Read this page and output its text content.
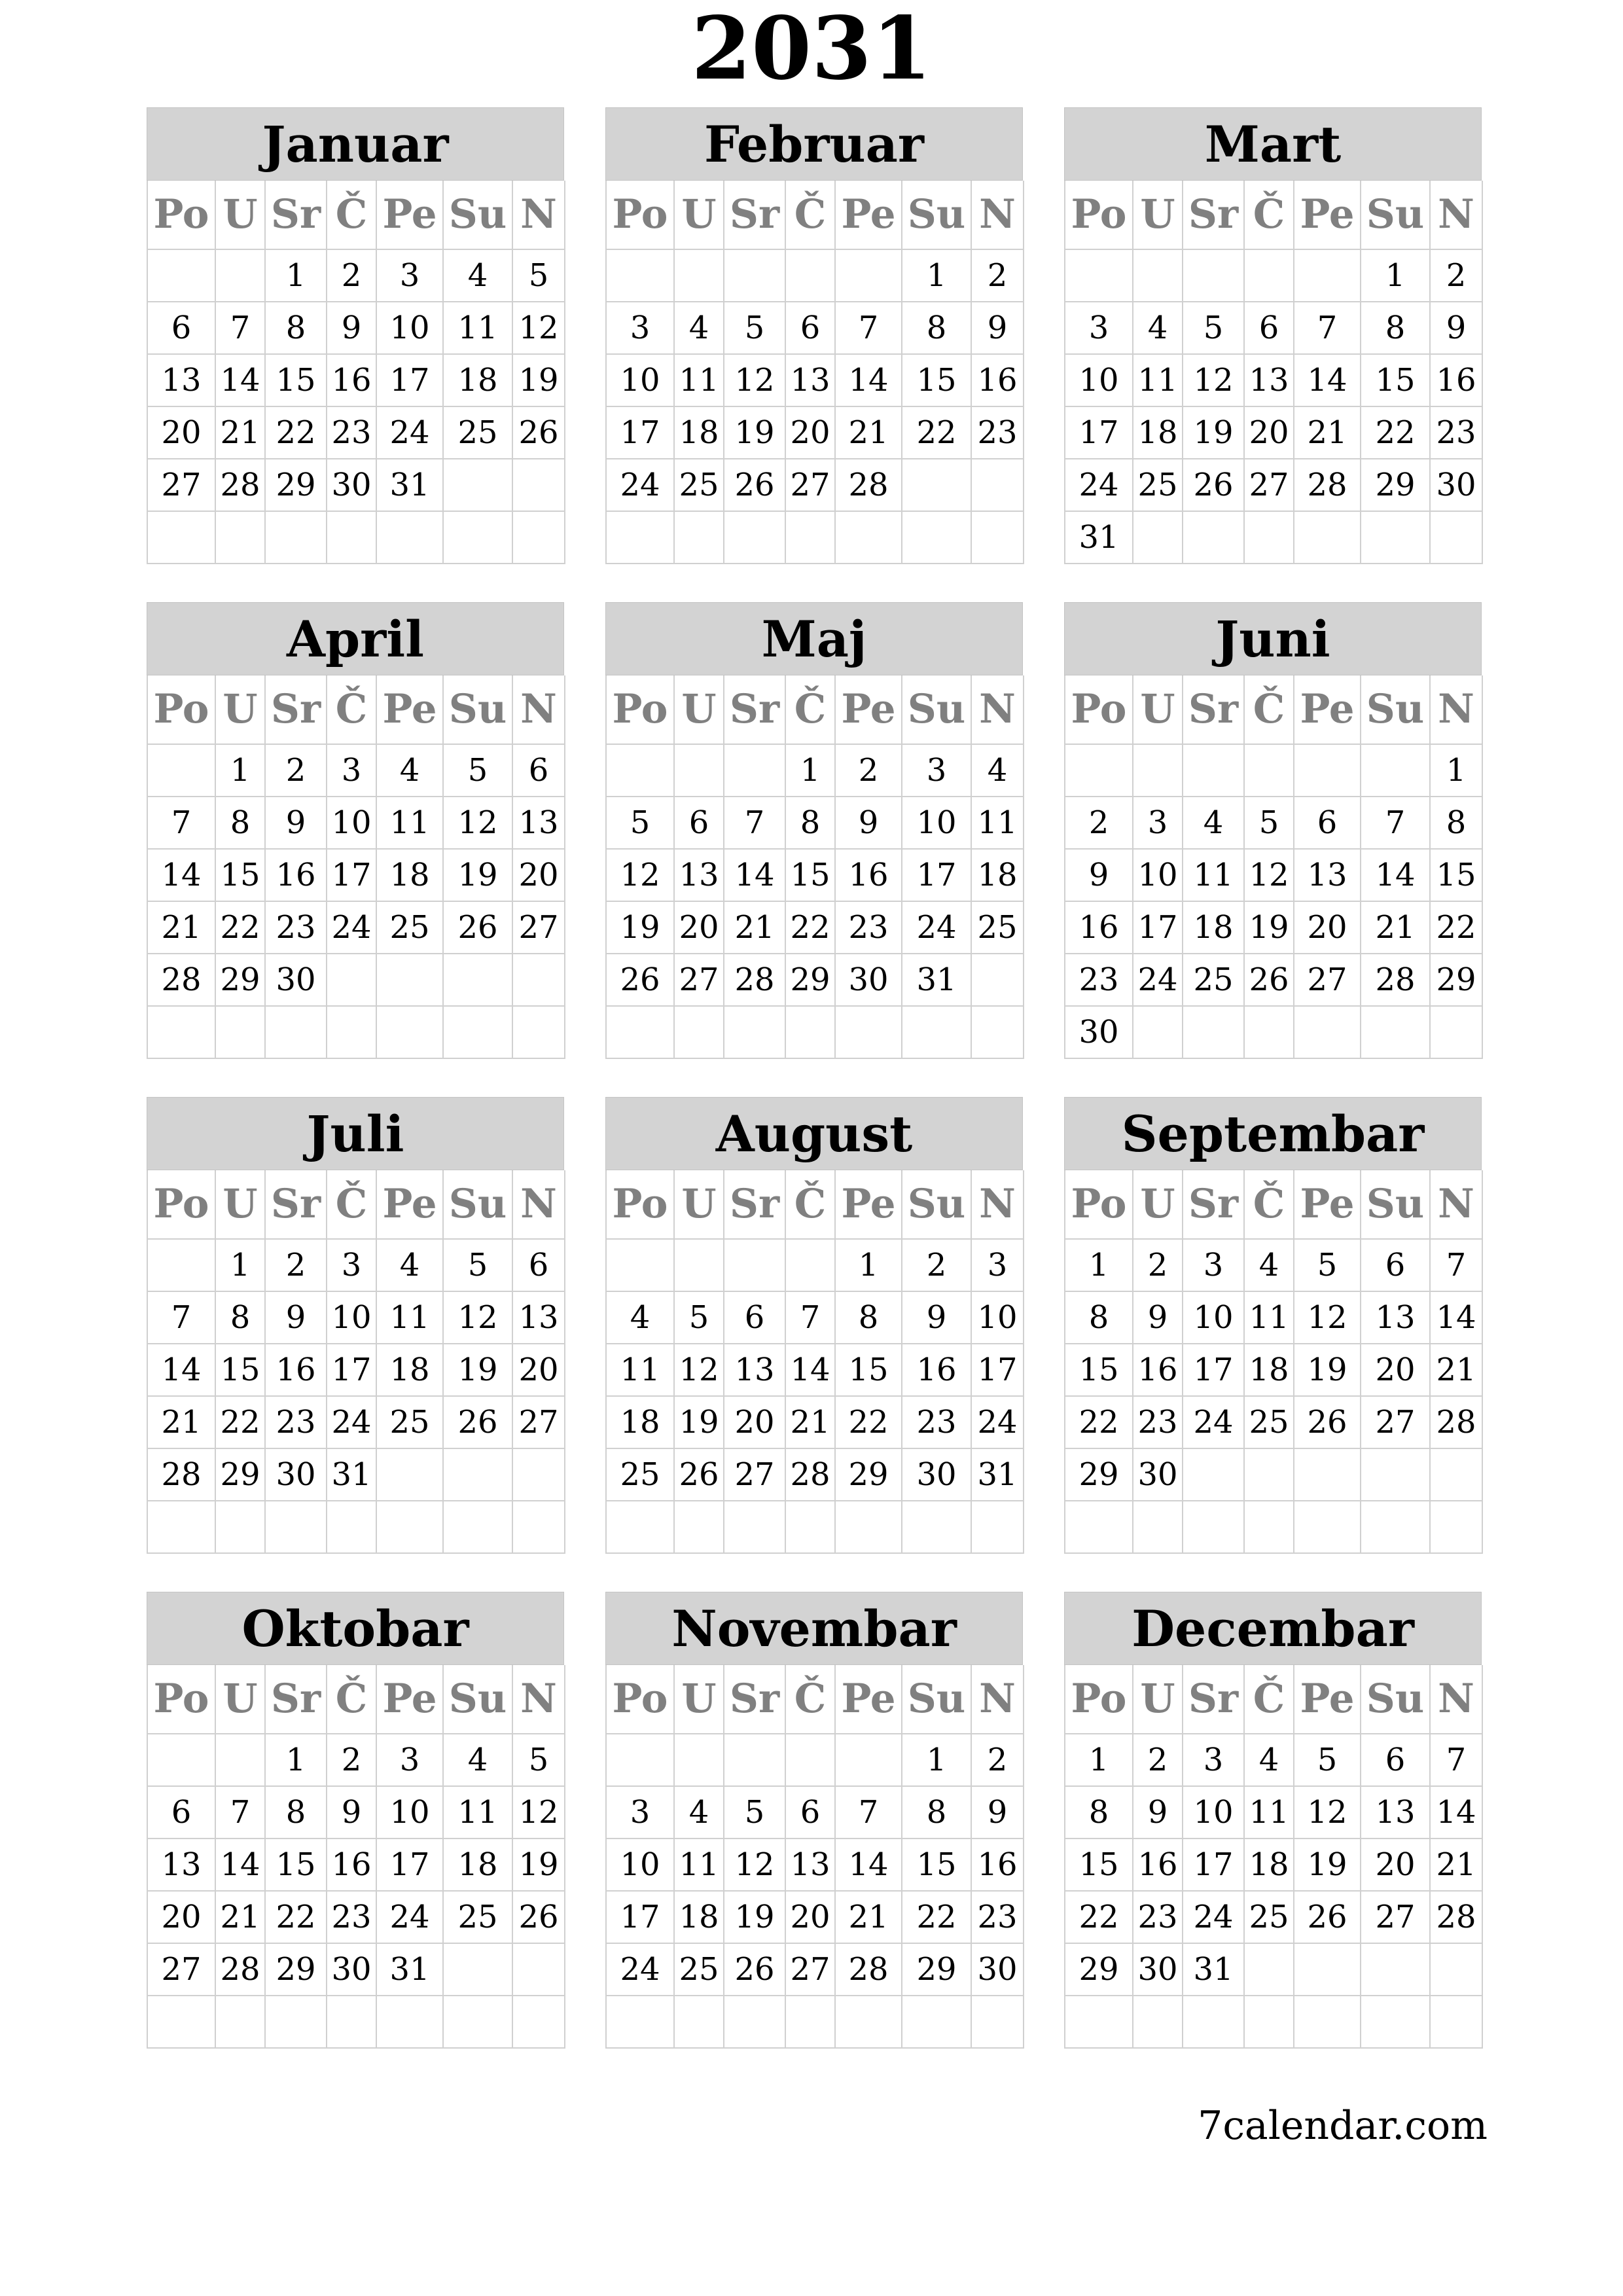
2031
Januar
Po	U	Sr	Č	Pe	Su	N
		1	2	3	4	5
6	7	8	9	10	11	12
13	14	15	16	17	18	19
20	21	22	23	24	25	26
27	28	29	30	31		

Februar
Po	U	Sr	Č	Pe	Su	N
					1	2
3	4	5	6	7	8	9
10	11	12	13	14	15	16
17	18	19	20	21	22	23
24	25	26	27	28		

Mart
Po	U	Sr	Č	Pe	Su	N
					1	2
3	4	5	6	7	8	9
10	11	12	13	14	15	16
17	18	19	20	21	22	23
24	25	26	27	28	29	30
31						
April
Po	U	Sr	Č	Pe	Su	N
	1	2	3	4	5	6
7	8	9	10	11	12	13
14	15	16	17	18	19	20
21	22	23	24	25	26	27
28	29	30				

Maj
Po	U	Sr	Č	Pe	Su	N
			1	2	3	4
5	6	7	8	9	10	11
12	13	14	15	16	17	18
19	20	21	22	23	24	25
26	27	28	29	30	31	

Juni
Po	U	Sr	Č	Pe	Su	N
						1
2	3	4	5	6	7	8
9	10	11	12	13	14	15
16	17	18	19	20	21	22
23	24	25	26	27	28	29
30						
Juli
Po	U	Sr	Č	Pe	Su	N
	1	2	3	4	5	6
7	8	9	10	11	12	13
14	15	16	17	18	19	20
21	22	23	24	25	26	27
28	29	30	31			

August
Po	U	Sr	Č	Pe	Su	N
				1	2	3
4	5	6	7	8	9	10
11	12	13	14	15	16	17
18	19	20	21	22	23	24
25	26	27	28	29	30	31

Septembar
Po	U	Sr	Č	Pe	Su	N
1	2	3	4	5	6	7
8	9	10	11	12	13	14
15	16	17	18	19	20	21
22	23	24	25	26	27	28
29	30					

Oktobar
Po	U	Sr	Č	Pe	Su	N
		1	2	3	4	5
6	7	8	9	10	11	12
13	14	15	16	17	18	19
20	21	22	23	24	25	26
27	28	29	30	31		

Novembar
Po	U	Sr	Č	Pe	Su	N
					1	2
3	4	5	6	7	8	9
10	11	12	13	14	15	16
17	18	19	20	21	22	23
24	25	26	27	28	29	30

Decembar
Po	U	Sr	Č	Pe	Su	N
1	2	3	4	5	6	7
8	9	10	11	12	13	14
15	16	17	18	19	20	21
22	23	24	25	26	27	28
29	30	31				

7calendar.com
